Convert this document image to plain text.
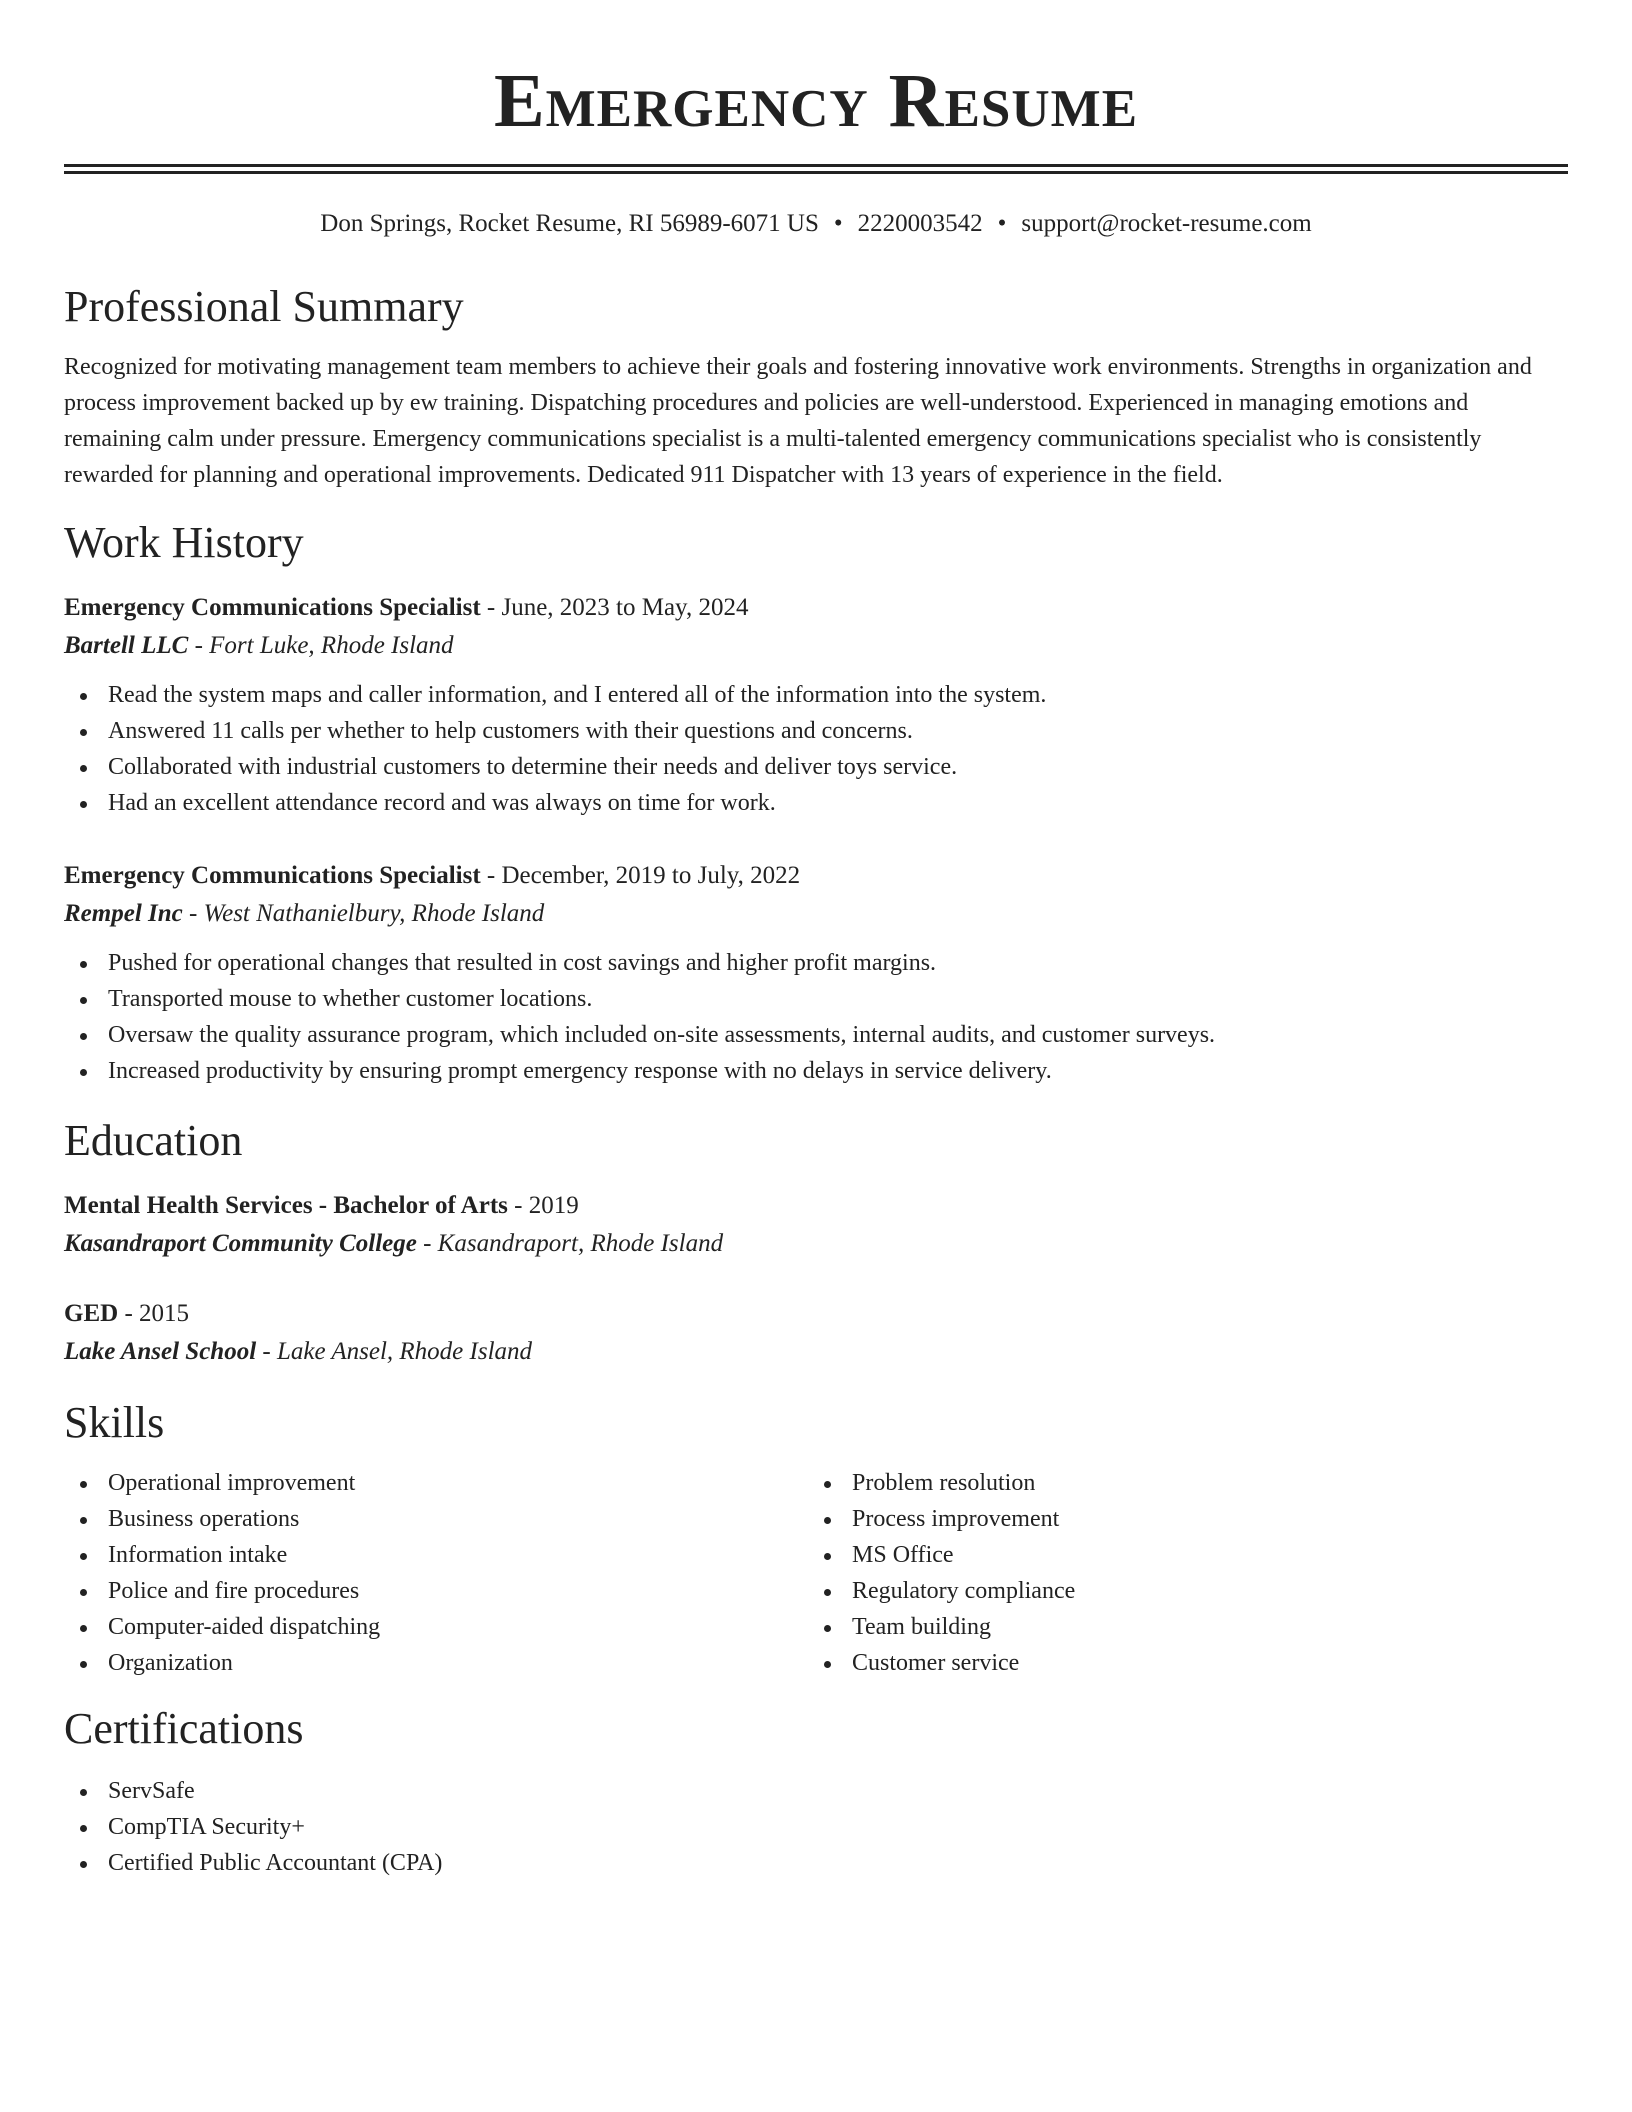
Emergency Resume
Don Springs, Rocket Resume, RI 56989-6071 US • 2220003542 • support@rocket-resume.com
Professional Summary
Recognized for motivating management team members to achieve their goals and fostering innovative work environments. Strengths in organization and process improvement backed up by ew training. Dispatching procedures and policies are well-understood. Experienced in managing emotions and remaining calm under pressure. Emergency communications specialist is a multi-talented emergency communications specialist who is consistently rewarded for planning and operational improvements. Dedicated 911 Dispatcher with 13 years of experience in the field.
Work History
Emergency Communications Specialist - June, 2023 to May, 2024
Bartell LLC - Fort Luke, Rhode Island
Read the system maps and caller information, and I entered all of the information into the system.
Answered 11 calls per whether to help customers with their questions and concerns.
Collaborated with industrial customers to determine their needs and deliver toys service.
Had an excellent attendance record and was always on time for work.
Emergency Communications Specialist - December, 2019 to July, 2022
Rempel Inc - West Nathanielbury, Rhode Island
Pushed for operational changes that resulted in cost savings and higher profit margins.
Transported mouse to whether customer locations.
Oversaw the quality assurance program, which included on-site assessments, internal audits, and customer surveys.
Increased productivity by ensuring prompt emergency response with no delays in service delivery.
Education
Mental Health Services - Bachelor of Arts - 2019
Kasandraport Community College - Kasandraport, Rhode Island
GED - 2015
Lake Ansel School - Lake Ansel, Rhode Island
Skills
Operational improvement
Business operations
Information intake
Police and fire procedures
Computer-aided dispatching
Organization
Problem resolution
Process improvement
MS Office
Regulatory compliance
Team building
Customer service
Certifications
ServSafe
CompTIA Security+
Certified Public Accountant (CPA)
